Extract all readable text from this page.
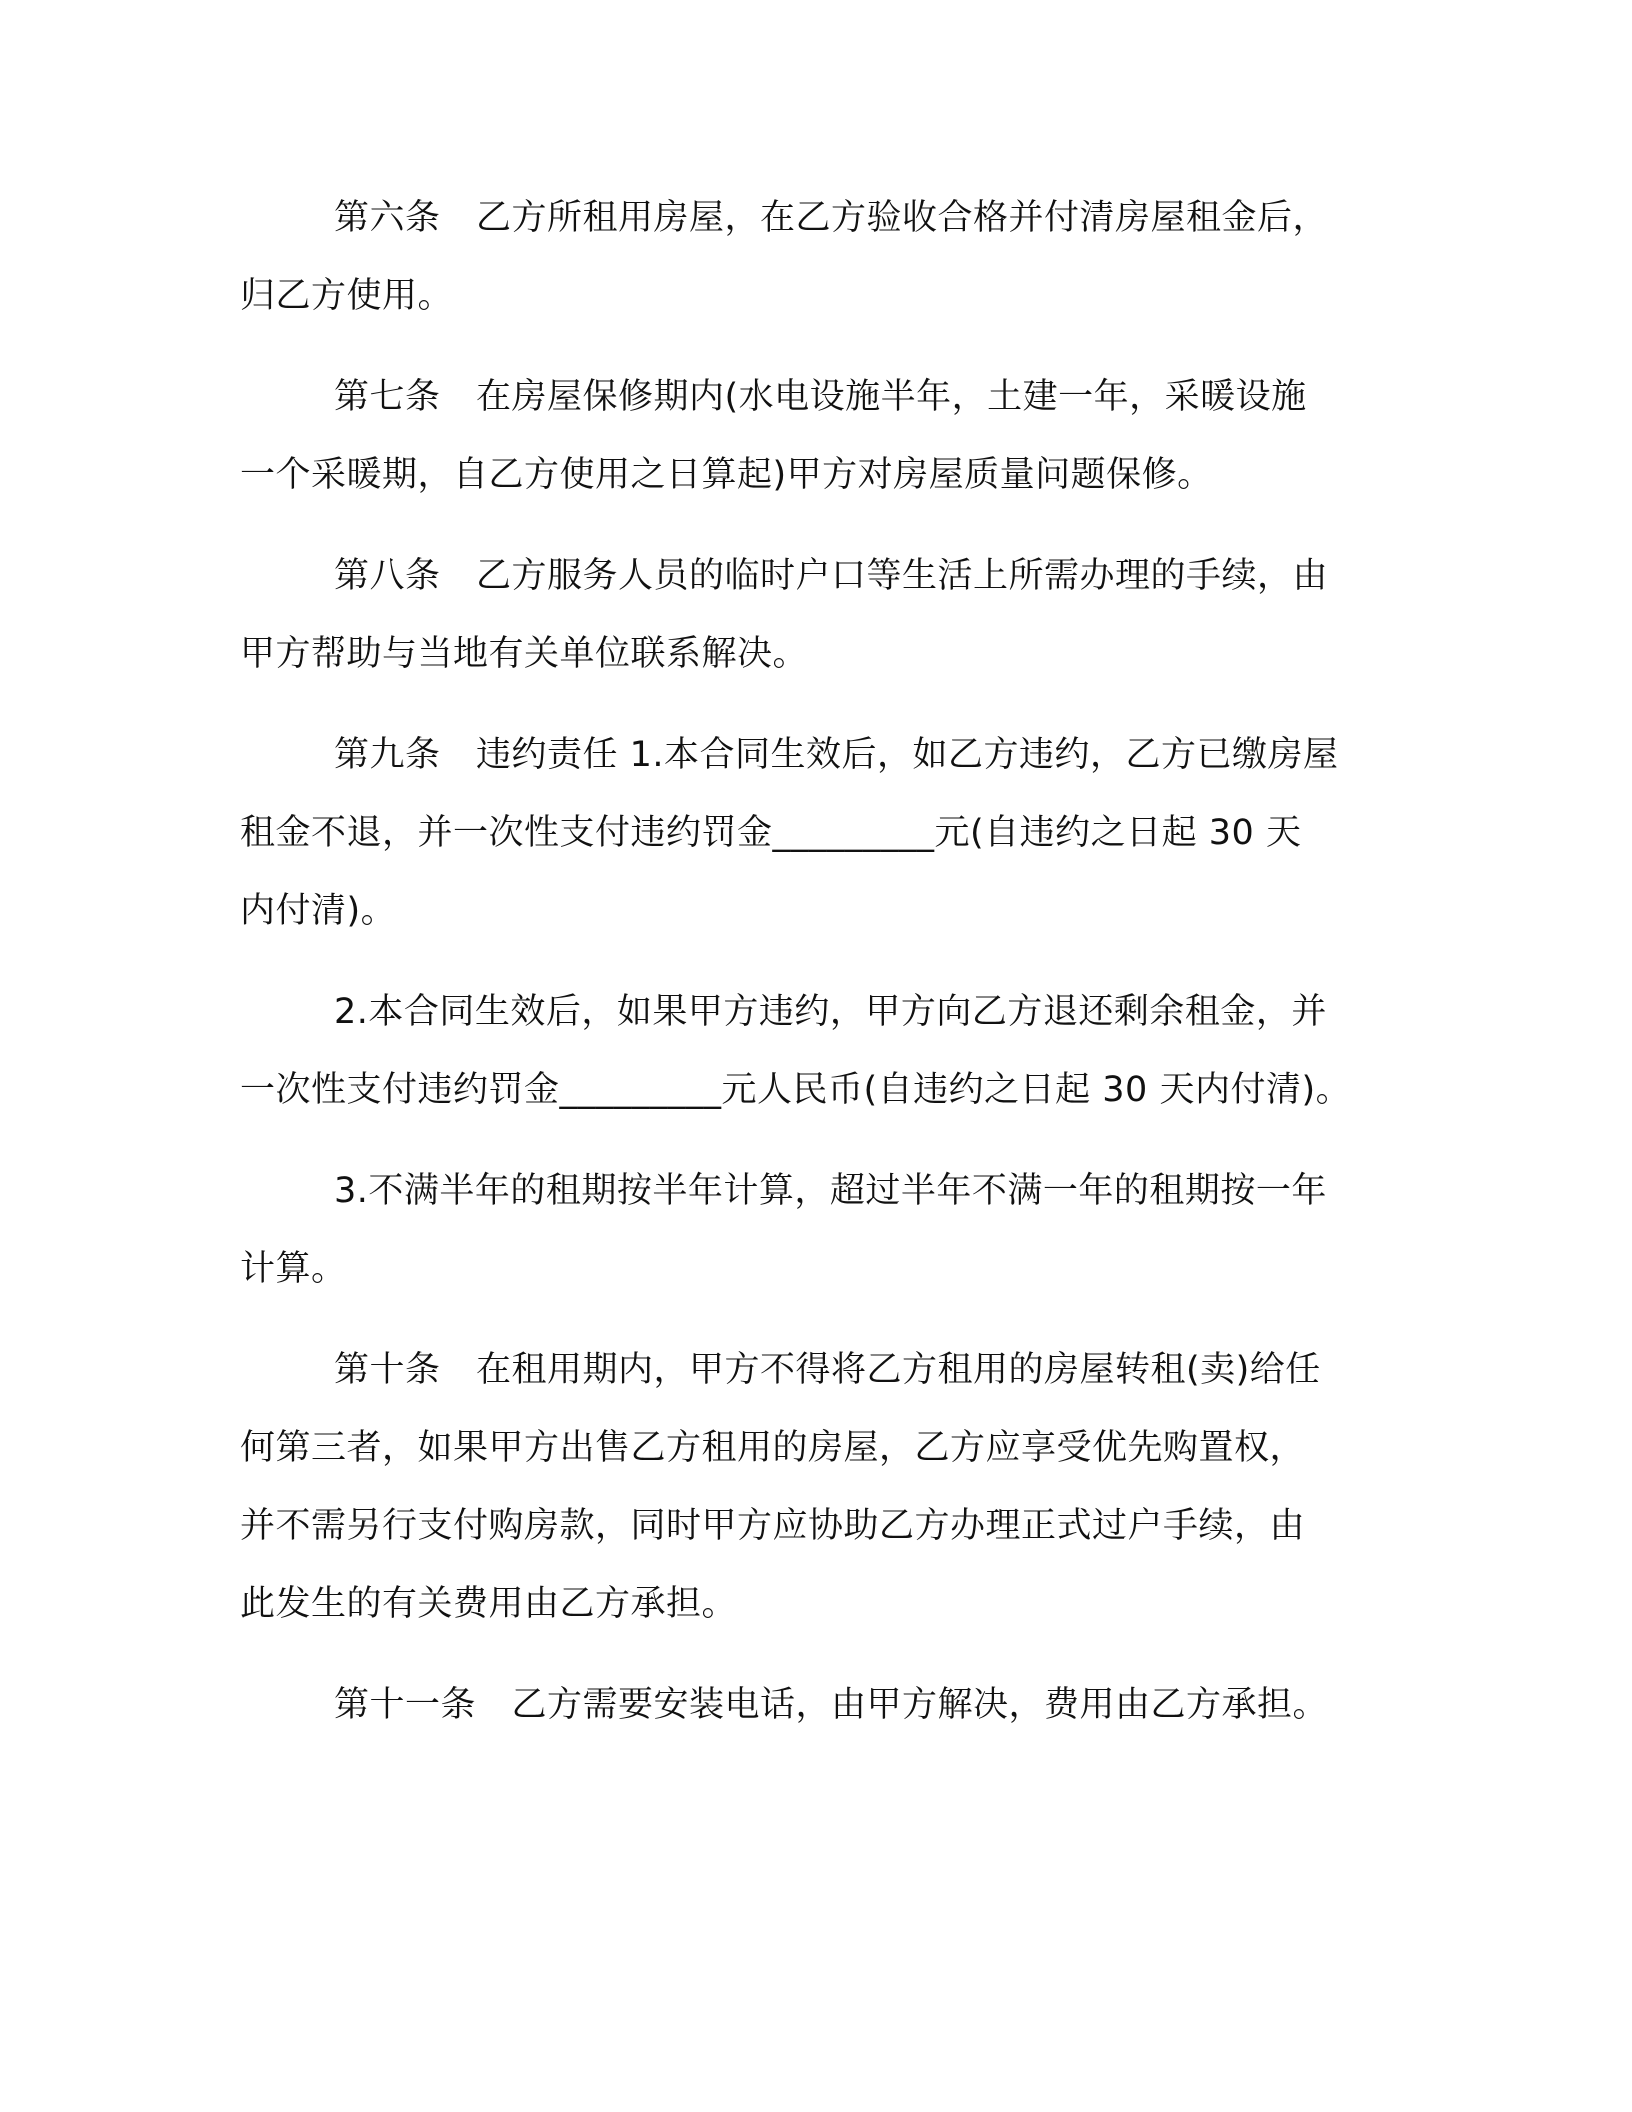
第六条　乙方所租用房屋，在乙方验收合格并付清房屋租金后，
归乙方使用。
第七条　在房屋保修期内(水电设施半年，土建一年，采暖设施
一个采暖期，自乙方使用之日算起)甲方对房屋质量问题保修。
第八条　乙方服务人员的临时户口等生活上所需办理的手续，由
甲方帮助与当地有关单位联系解决。
第九条　违约责任 1.本合同生效后，如乙方违约，乙方已缴房屋
租金不退，并一次性支付违约罚金_________元(自违约之日起 30 天
内付清)。
2.本合同生效后，如果甲方违约，甲方向乙方退还剩余租金，并
一次性支付违约罚金_________元人民币(自违约之日起 30 天内付清)。
3.不满半年的租期按半年计算，超过半年不满一年的租期按一年
计算。
第十条　在租用期内，甲方不得将乙方租用的房屋转租(卖)给任
何第三者，如果甲方出售乙方租用的房屋，乙方应享受优先购置权，
并不需另行支付购房款，同时甲方应协助乙方办理正式过户手续，由
此发生的有关费用由乙方承担。
第十一条　乙方需要安装电话，由甲方解决，费用由乙方承担。
